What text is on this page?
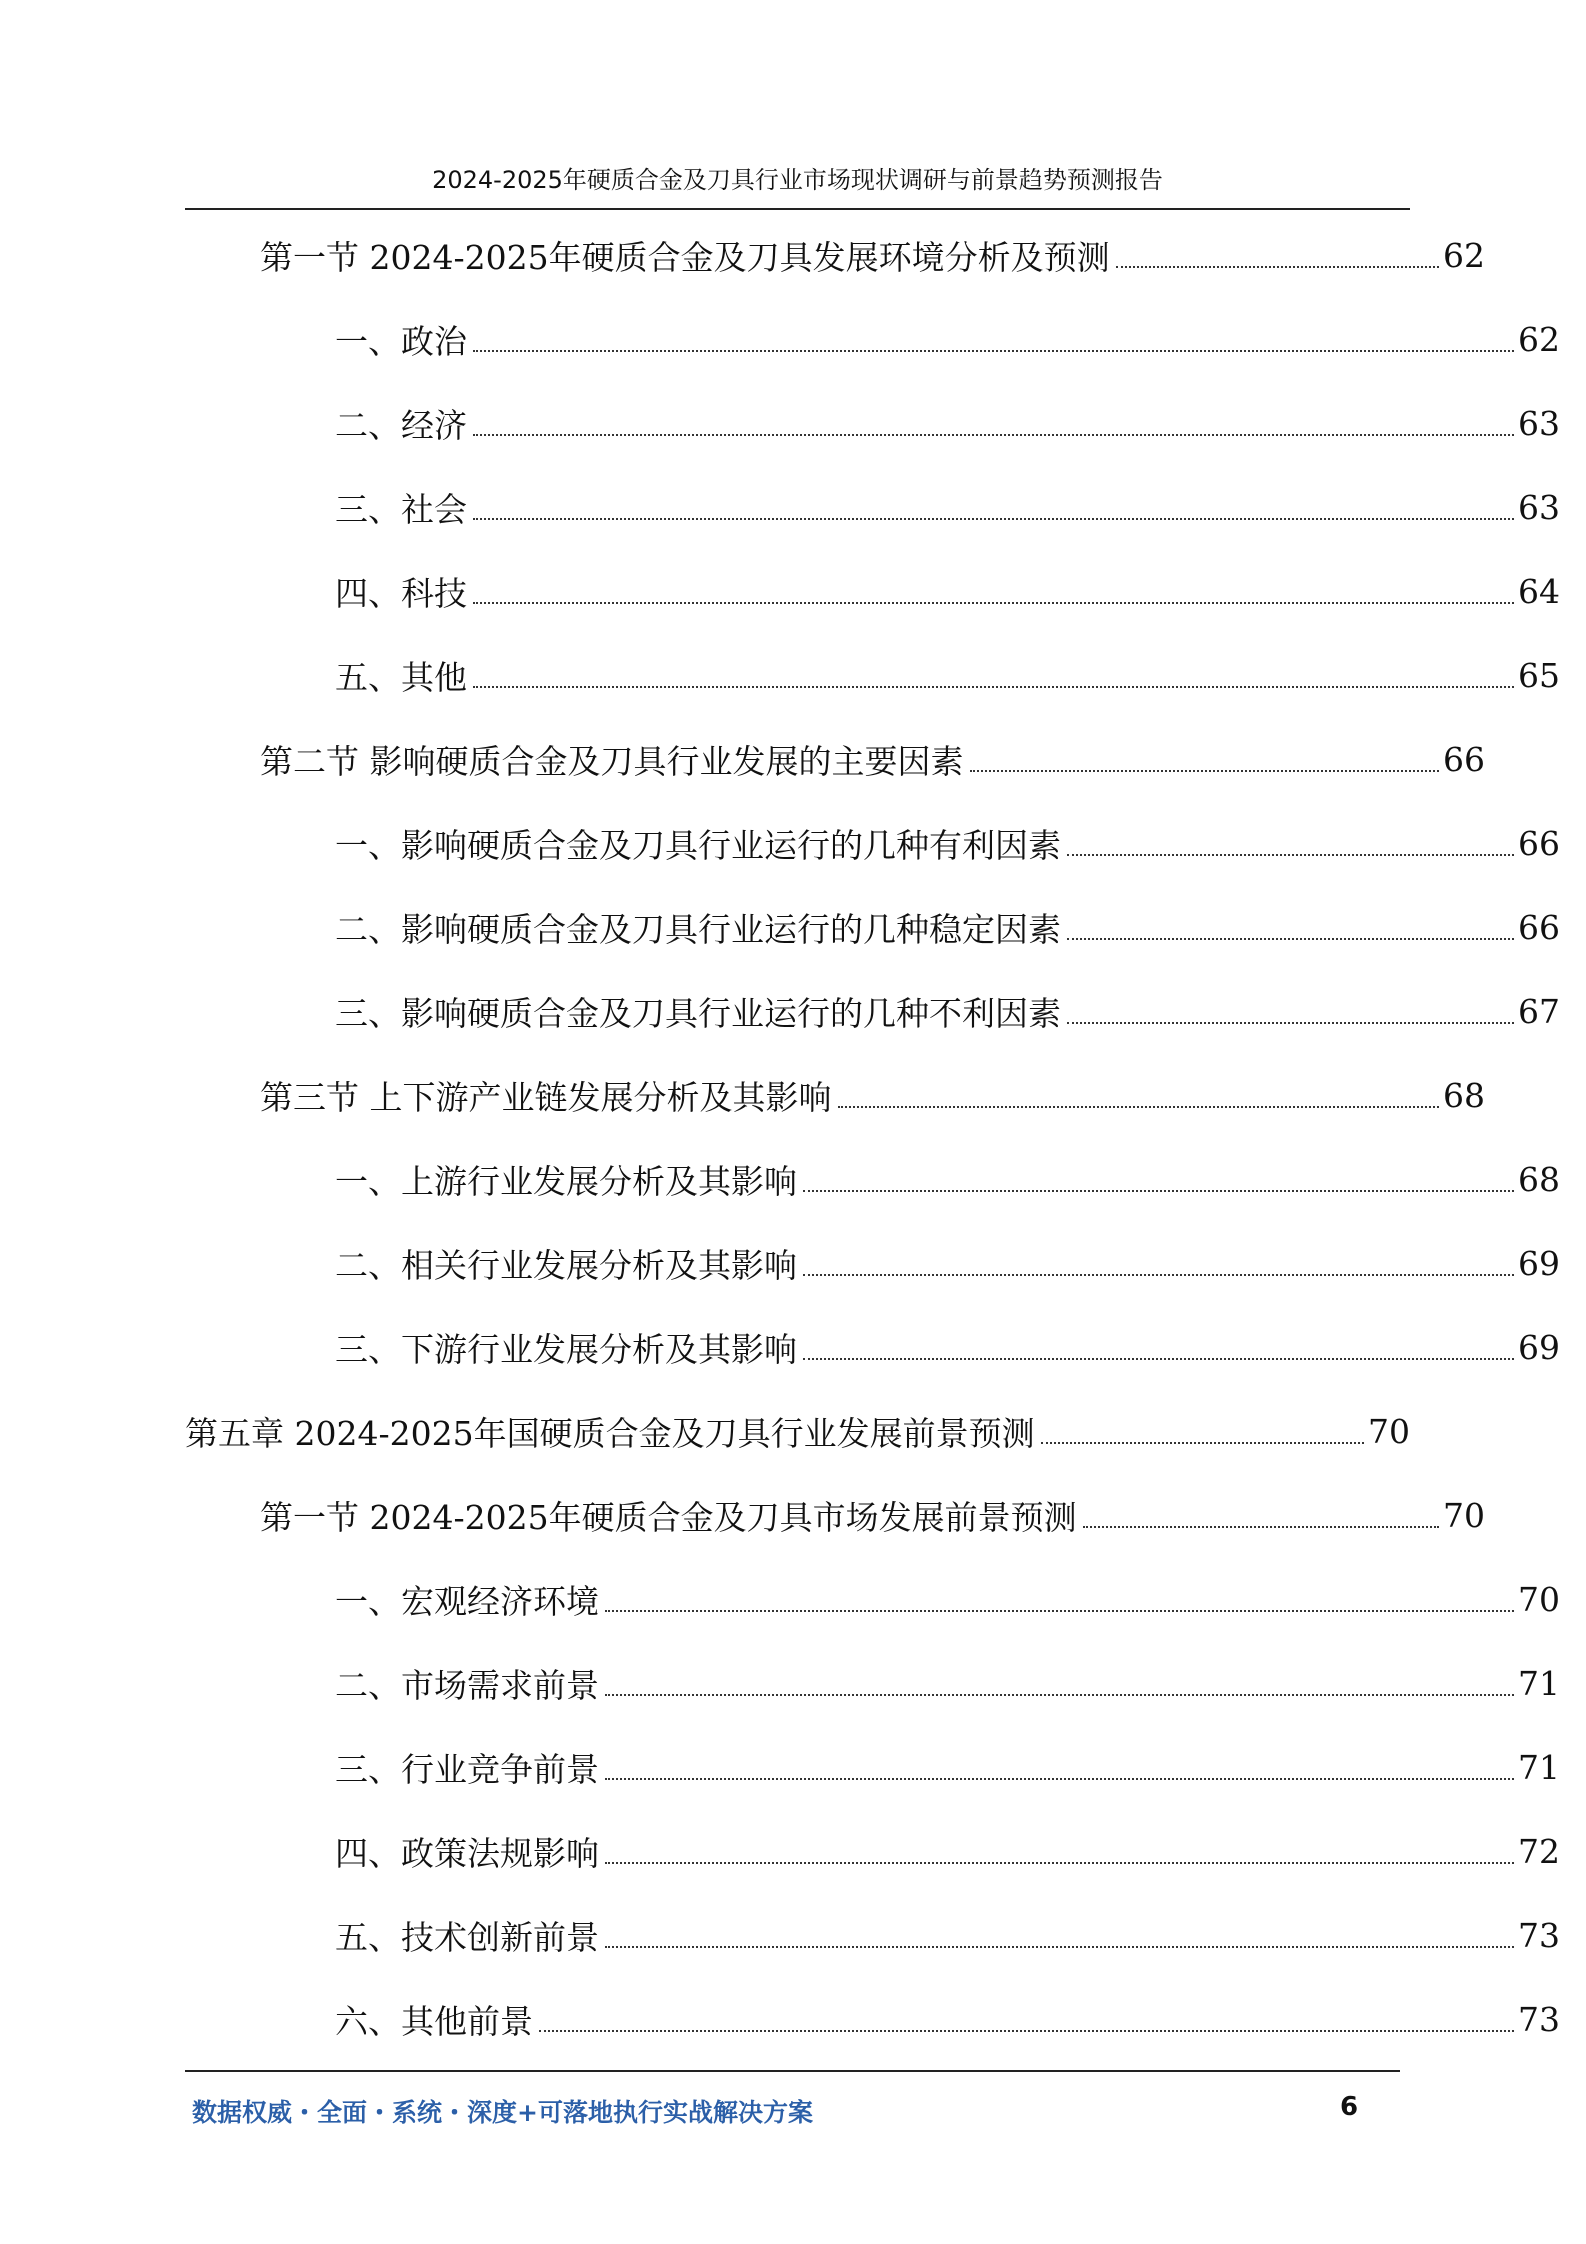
2024-2025年硬质合金及刀具行业市场现状调研与前景趋势预测报告
第一节 2024-2025年硬质合金及刀具发展环境分析及预测	62
一、政治	62
二、经济	63
三、社会	63
四、科技	64
五、其他	65
第二节 影响硬质合金及刀具行业发展的主要因素	66
一、影响硬质合金及刀具行业运行的几种有利因素	66
二、影响硬质合金及刀具行业运行的几种稳定因素	66
三、影响硬质合金及刀具行业运行的几种不利因素	67
第三节 上下游产业链发展分析及其影响	68
一、上游行业发展分析及其影响	68
二、相关行业发展分析及其影响	69
三、下游行业发展分析及其影响	69
第五章 2024-2025年国硬质合金及刀具行业发展前景预测	70
第一节 2024-2025年硬质合金及刀具市场发展前景预测	70
一、宏观经济环境	70
二、市场需求前景	71
三、行业竞争前景	71
四、政策法规影响	72
五、技术创新前景	73
六、其他前景	73
数据权威・全面・系统・深度+可落地执行实战解决方案	6
